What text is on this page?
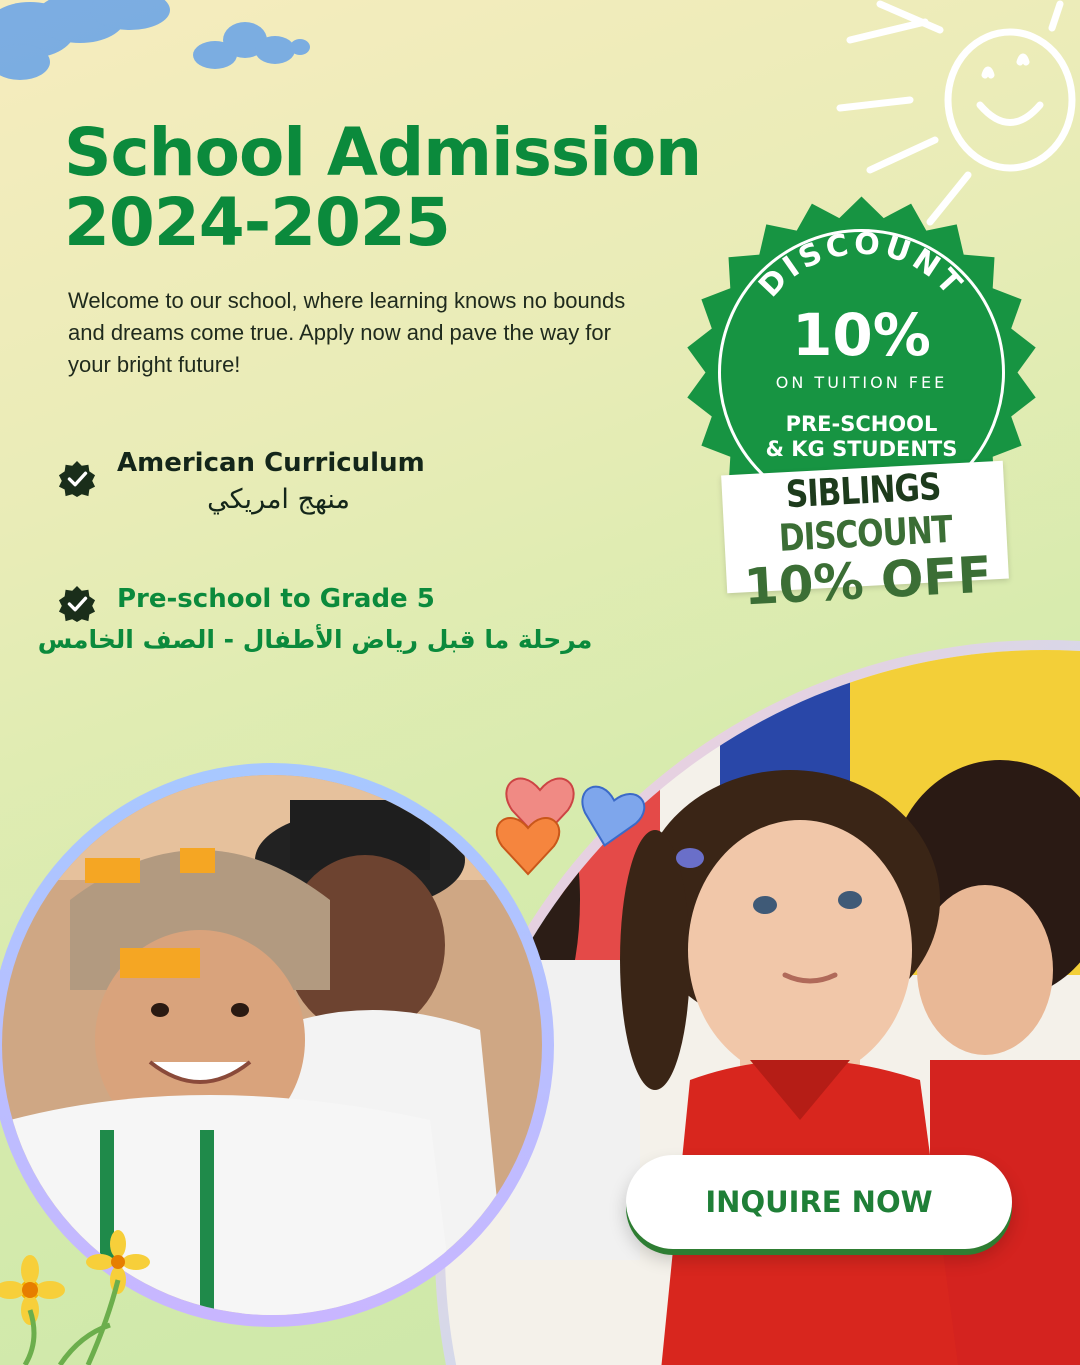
School Admission
2024-2025

Welcome to our school, where learning knows no bounds and dreams come true. Apply now and pave the way for your bright future!

American Curriculum

منهج امريكي

Pre-school to Grade 5

مرحلة ما قبل رياض الأطفال - الصف الخامس

DISCOUNT
10%
ON TUITION FEE
PRE-SCHOOL
& KG STUDENTS

SIBLINGS DISCOUNT

10% OFF

INQUIRE NOW
